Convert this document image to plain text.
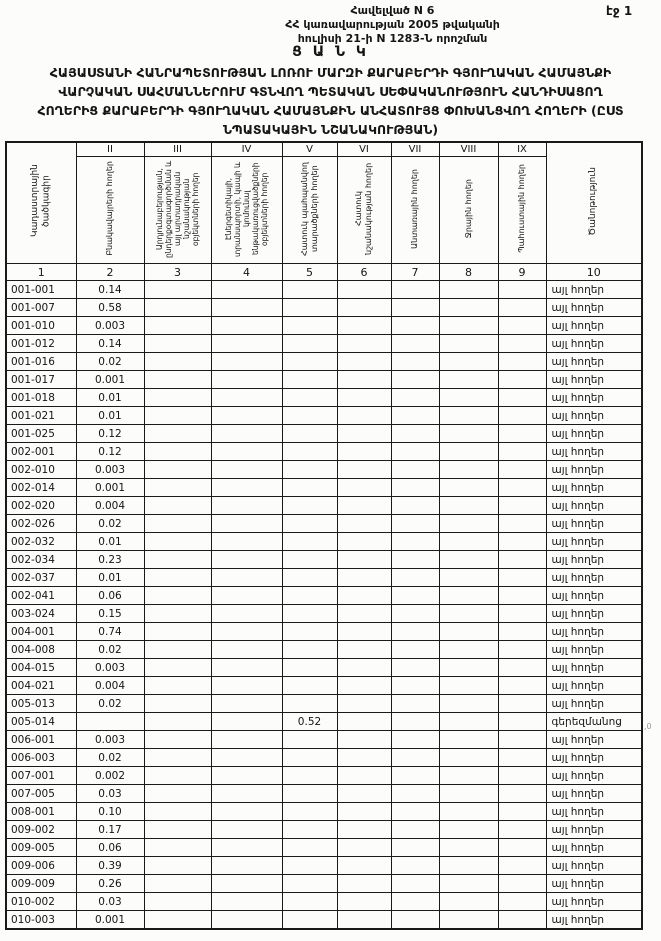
Հավելված N 6
ՀՀ կառավարության 2005 թվականի
հուլիսի 21-ի N 1283-Ն որոշման
էջ 1
Ց Ա Ն Կ
ՀԱՅԱՍՏԱՆԻ ՀԱՆՐԱՊԵՏՈՒԹՅԱՆ ԼՈՌՈՒ ՄԱՐԶԻ ՔԱՐԱԲԵՐԴԻ ԳՅՈՒՂԱԿԱՆ ՀԱՄԱՅՆՔԻ
ՎԱՐՉԱԿԱՆ ՍԱՀՄԱՆՆԵՐՈՒՄ ԳՏՆՎՈՂ ՊԵՏԱԿԱՆ ՍԵՓԱԿԱՆՈՒԹՅՈՒՆ ՀԱՆԴԻՍԱՑՈՂ
ՀՈՂԵՐԻՑ ՔԱՐԱԲԵՐԴԻ ԳՅՈՒՂԱԿԱՆ ՀԱՄԱՅՆՔԻՆ ԱՆՀԱՏՈՒՅՑ ՓՈԽԱՆՑՎՈՂ ՀՈՂԵՐԻ (ԸՍՏ
ՆՊԱՏԱԿԱՅԻՆ ՆՇԱՆԱԿՈՒԹՅԱՆ)
Կադաստրային ծածկագիր	II	III	IV	V	VI	VII	VIII	IX	Ծանոթություն
	Բնակավայրերի հողեր	Արդյունաբերության, ընդերքօգտագործման և այլ արտադրական նշանակության օբյեկտների հողեր	Էներգետիկայի, տրանսպորտի, կապի և կոմունալ ենթակառուցվածքների օբյեկտների հողեր	Հատուկ պահպանվող տարածքների հողեր	Հատուկ նշանակության հողեր	Անտառային հողեր	Ջրային հողեր	Պահուստային հողեր	
1	2	3	4	5	6	7	8	9	10
001-001	0.14								այլ հողեր
001-007	0.58								այլ հողեր
001-010	0.003								այլ հողեր
001-012	0.14								այլ հողեր
001-016	0.02								այլ հողեր
001-017	0.001								այլ հողեր
001-018	0.01								այլ հողեր
001-021	0.01								այլ հողեր
001-025	0.12								այլ հողեր
002-001	0.12								այլ հողեր
002-010	0.003								այլ հողեր
002-014	0.001								այլ հողեր
002-020	0.004								այլ հողեր
002-026	0.02								այլ հողեր
002-032	0.01								այլ հողեր
002-034	0.23								այլ հողեր
002-037	0.01								այլ հողեր
002-041	0.06								այլ հողեր
003-024	0.15								այլ հողեր
004-001	0.74								այլ հողեր
004-008	0.02								այլ հողեր
004-015	0.003								այլ հողեր
004-021	0.004								այլ հողեր
005-013	0.02								այլ հողեր
005-014				0.52					գերեզմանոց
006-001	0.003								այլ հողեր
006-003	0.02								այլ հողեր
007-001	0.002								այլ հողեր
007-005	0.03								այլ հողեր
008-001	0.10								այլ հողեր
009-002	0.17								այլ հողեր
009-005	0.06								այլ հողեր
009-006	0.39								այլ հողեր
009-009	0.26								այլ հողեր
010-002	0.03								այլ հողեր
010-003	0.001								այլ հողեր
,0
